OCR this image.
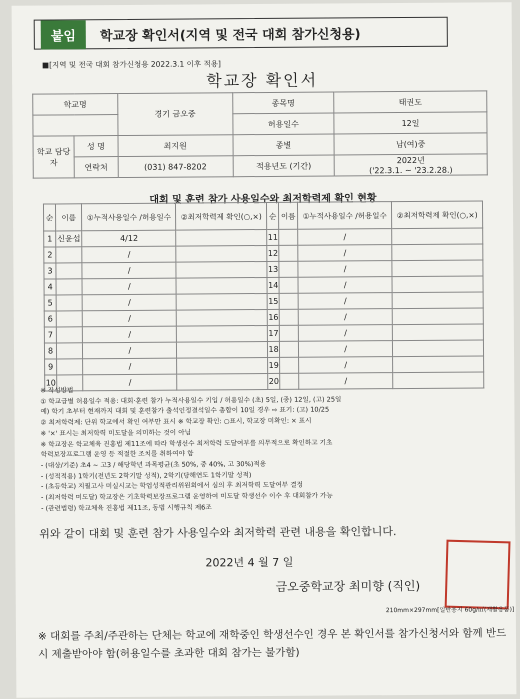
붙임	학교장 확인서(지역 및 전국 대회 참가신청용)
■[지역 및 전국 대회 참가신청용 2022.3.1 이후 적용]
학교장 확인서
학교명		경기 금오중	종목명	태권도
			허용일수	12일
학교 담당자	성 명	최지원	종별	남(여)중
	연락처	(031) 847-8202	적용년도 (기간)	2022년
('22.3.1. ~ '23.2.28.)
대회 및 훈련 참가 사용일수와 최저학력제 확인 현황
순	이름	①누적사용일수 /허용일수	②최저학력제 확인(○,×)	순	이름	①누적사용일수 /허용일수	②최저학력제 확인(○,×)
1	신윤섭	4/12		11		/	
2		/		12		/	
3		/		13		/	
4		/		14		/	
5		/		15		/	
6		/		16		/	
7		/		17		/	
8		/		18		/	
9		/		19		/	
10		/		20		/	
※ 작성방법
① 학교급별 허용일수 적용: 대회·훈련 참가 누적사용일수 기입 / 허용일수 (초) 5일, (중) 12일, (고) 25일
예) 학기 초부터 현재까지 대회 및 훈련참가 출석인정결석일수 총합이 10일 경우 ⇨ 표기: (고) 10/25
② 최저학력제: 단위 학교에서 확인 여부만 표시 ※ 학교장 확인: ○표시, 학교장 미확인: × 표시
※ '×' 표시는 최저학력 미도달을 의미하는 것이 아님
※ 학교장은 학교체육 진흥법 제11조에 따라 학생선수 최저학력 도달여부를 의무적으로 확인하고 기초
학력보장프로그램 운영 등 적절한 조치를 취하여야 함
- (대상/기준) 초4 ~ 고3 / 해당학년 과목평균(초 50%, 중 40%, 고 30%)적용
- (성적적용) 1학기(전년도 2학기말 성적), 2학기(당해연도 1학기말 성적)
- (초등학교) 지필고사 미실시교는 학업성적관리위원회에서 심의 후 최저학력 도달여부 결정
- (최저학력 미도달) 학교장은 기초학력보장프로그램 운영하여 미도달 학생선수 이수 후 대회참가 가능
- (관련법령) 학교체육 진흥법 제11조, 동법 시행규칙 제6조
위와 같이 대회 및 훈련 참가 사용일수와 최저학력 관련 내용을 확인합니다.
2022년 4 월 7 일
금오중학교장 최미향 (직인)
210mm×297mm[일반용지 60g/㎡(재활용품)]
※ 대회를 주최/주관하는 단체는 학교에 재학중인 학생선수인 경우 본 확인서를 참가신청서와 함께 반드시 제출받아야 함(허용일수를 초과한 대회 참가는 불가함)
